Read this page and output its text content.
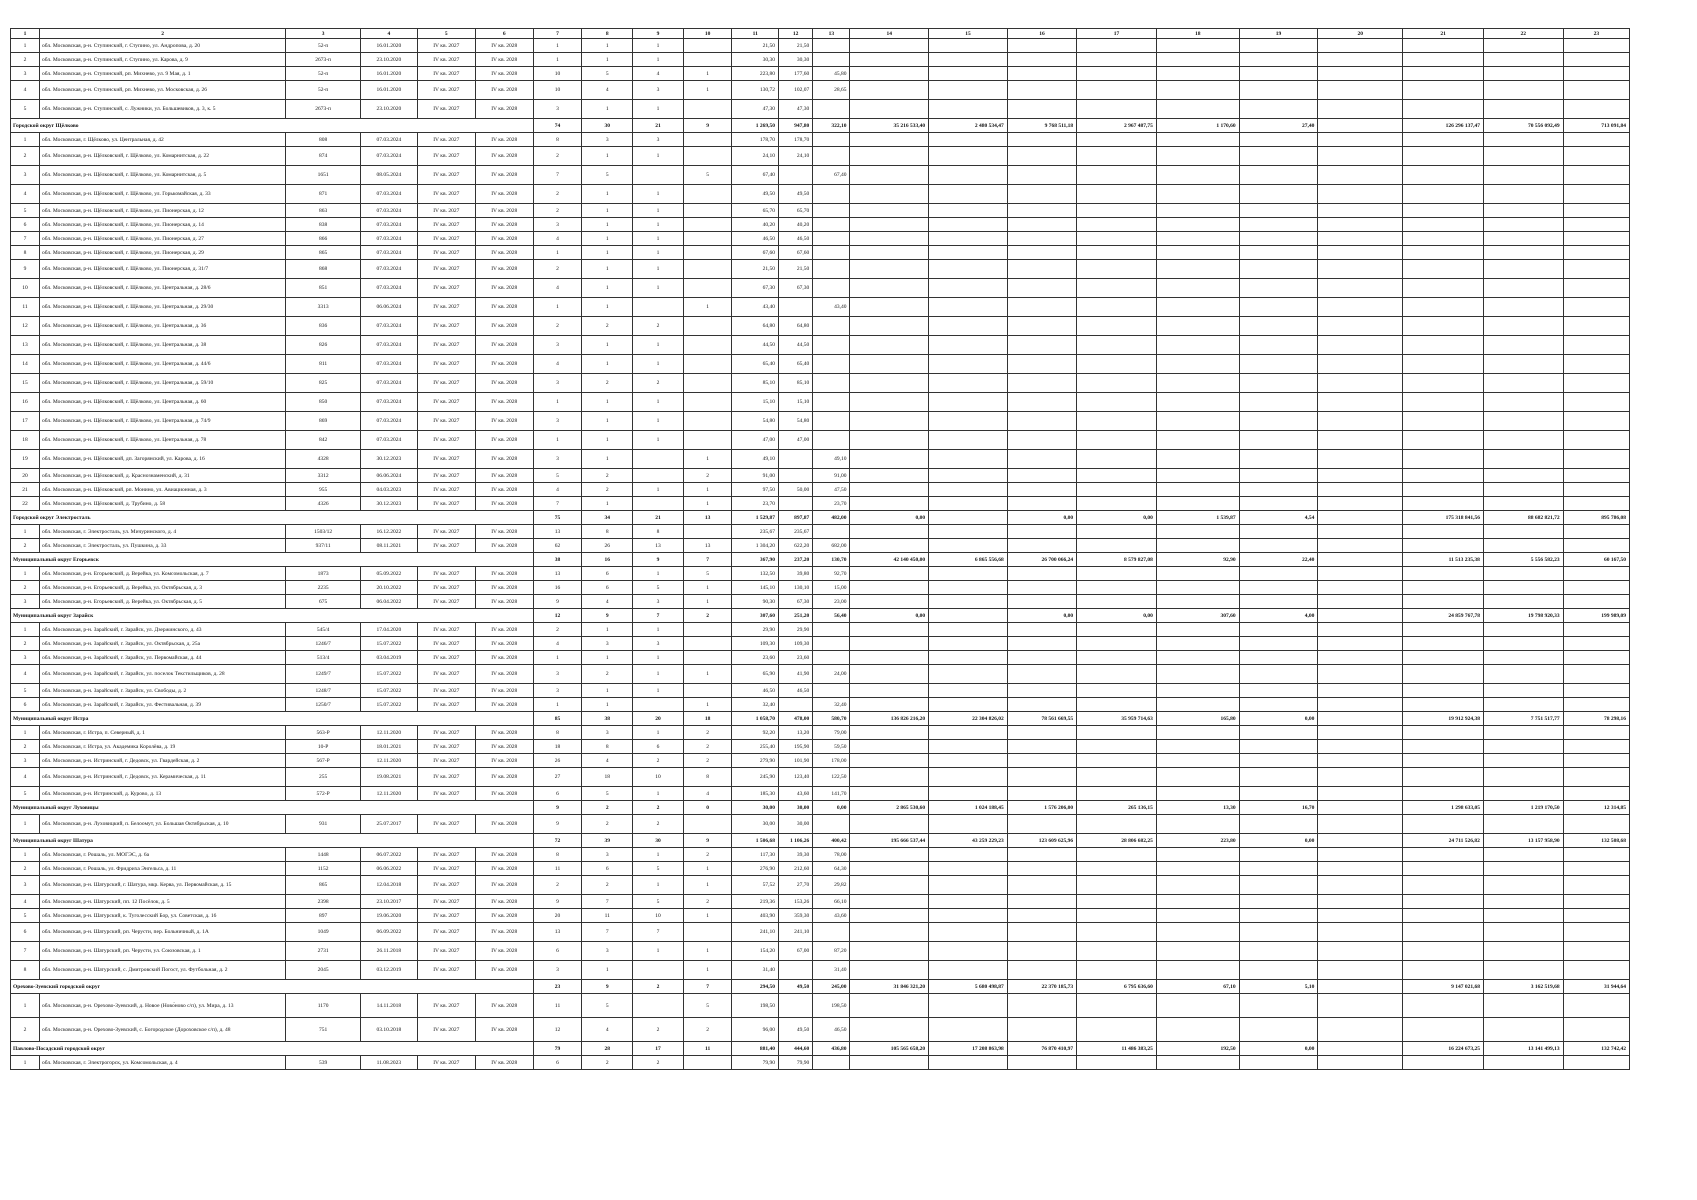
1	2	3	4	5	6	7	8	9	10	11	12	13	14	15	16	17	18	19	20	21	22	23
1	обл. Московская, р-н. Ступинский, г. Ступино, ул. Андропова, д. 20	52-п	16.01.2020	IV кв. 2027	IV кв. 2028	1	1	1		21,50	21,50											
2	обл. Московская, р-н. Ступинский, г. Ступино, ул. Карова, д. 9	2673-п	23.10.2020	IV кв. 2027	IV кв. 2028	1	1	1		30,30	30,30											
3	обл. Московская, р-н. Ступинский, рп. Михнево, ул. 9 Мая, д. 1	52-п	16.01.2020	IV кв. 2027	IV кв. 2028	10	5	4	1	223,80	177,60	45,80										
4	обл. Московская, р-н. Ступинский, рп. Михнево, ул. Московская, д. 26	52-п	16.01.2020	IV кв. 2027	IV кв. 2028	10	4	3	1	130,72	102,07	28,65										
5	обл. Московская, р-н. Ступинский, с. Лужники, ул. Большевиков, д. 3, к. 5	2673-п	23.10.2020	IV кв. 2027	IV кв. 2028	3	1	1		47,30	47,30											
Городской округ Щёлково						74	30	21	9	1 269,50	947,80	322,10	35 216 533,40	2 480 534,47	9 768 511,18	2 967 487,75	1 170,60	27,40		126 296 137,47	70 556 092,49	713 091,84
1	обл. Московская, г. Щёлково, ул. Центральная, д. 42	808	07.03.2024	IV кв. 2027	IV кв. 2028	8	3	3		178,70	178,70											
2	обл. Московская, р-н. Щёлковский, г. Щёлково, ул. Комарнитская, д. 22	874	07.03.2024	IV кв. 2027	IV кв. 2028	2	1	1		24,10	24,10											
3	обл. Московская, р-н. Щёлковский, г. Щёлково, ул. Комарнитская, д. 5	1651	08.05.2024	IV кв. 2027	IV кв. 2028	7	5		5	67,40		67,40										
4	обл. Московская, р-н. Щёлковский, г. Щёлково, ул. Горькомайская, д. 33	871	07.03.2024	IV кв. 2027	IV кв. 2028	2	1	1		49,50	49,50											
5	обл. Московская, р-н. Щёлковский, г. Щёлково, ул. Пионерская, д. 12	863	07.03.2024	IV кв. 2027	IV кв. 2028	2	1	1		65,70	65,70											
6	обл. Московская, р-н. Щёлковский, г. Щёлково, ул. Пионерская, д. 14	838	07.03.2024	IV кв. 2027	IV кв. 2028	3	1	1		40,20	40,20											
7	обл. Московская, р-н. Щёлковский, г. Щёлково, ул. Пионерская, д. 27	866	07.03.2024	IV кв. 2027	IV кв. 2028	4	1	1		46,50	46,50											
8	обл. Московская, р-н. Щёлковский, г. Щёлково, ул. Пионерская, д. 29	865	07.03.2024	IV кв. 2027	IV кв. 2028	1	1	1		67,60	67,60											
9	обл. Московская, р-н. Щёлковский, г. Щёлково, ул. Пионерская, д. 31/7	868	07.03.2024	IV кв. 2027	IV кв. 2028	2	1	1		21,50	21,50											
10	обл. Московская, р-н. Щёлковский, г. Щёлково, ул. Центральная, д. 28/6	851	07.03.2024	IV кв. 2027	IV кв. 2028	4	1	1		67,30	67,30											
11	обл. Московская, р-н. Щёлковский, г. Щёлково, ул. Центральная, д. 29/30	3313	06.06.2024	IV кв. 2027	IV кв. 2028	1	1		1	43,40		43,40										
12	обл. Московская, р-н. Щёлковский, г. Щёлково, ул. Центральная, д. 36	836	07.03.2024	IV кв. 2027	IV кв. 2028	2	2	2		64,80	64,80											
13	обл. Московская, р-н. Щёлковский, г. Щёлково, ул. Центральная, д. 38	826	07.03.2024	IV кв. 2027	IV кв. 2028	3	1	1		44,50	44,50											
14	обл. Московская, р-н. Щёлковский, г. Щёлково, ул. Центральная, д. 44/6	811	07.03.2024	IV кв. 2027	IV кв. 2028	4	1	1		65,40	65,40											
15	обл. Московская, р-н. Щёлковский, г. Щёлково, ул. Центральная, д. 59/10	825	07.03.2024	IV кв. 2027	IV кв. 2028	3	2	2		85,10	85,10											
16	обл. Московская, р-н. Щёлковский, г. Щёлково, ул. Центральная, д. 60	850	07.03.2024	IV кв. 2027	IV кв. 2028	1	1	1		15,10	15,10											
17	обл. Московская, р-н. Щёлковский, г. Щёлково, ул. Центральная, д. 74/9	869	07.03.2024	IV кв. 2027	IV кв. 2028	3	1	1		54,80	54,80											
18	обл. Московская, р-н. Щёлковский, г. Щёлково, ул. Центральная, д. 78	842	07.03.2024	IV кв. 2027	IV кв. 2028	1	1	1		47,00	47,00											
19	обл. Московская, р-н. Щёлковский, дп. Загорянский, ул. Карова, д. 16	4328	30.12.2023	IV кв. 2027	IV кв. 2028	3	1		1	49,10		49,10										
20	обл. Московская, р-н. Щёлковский, д. Краснознаменский, д. 31	3312	06.06.2024	IV кв. 2027	IV кв. 2028	5	2		2	91,00		91,00										
21	обл. Московская, р-н. Щёлковский, рп. Монино, ул. Авиационная, д. 3	955	04.03.2023	IV кв. 2027	IV кв. 2028	4	2	1	1	97,50	50,00	47,50										
22	обл. Московская, р-н. Щёлковский, д. Трубино, д. 58	4326	30.12.2023	IV кв. 2027	IV кв. 2028	7	1		1	23,70		23,70										
Городской округ Электросталь						75	34	21	13	1 529,87	897,87	482,00	0,00		0,00	0,00	1 539,87	4,54		175 318 841,56	88 682 821,72	895 786,08
1	обл. Московская, г. Электросталь, ул. Мичуринского, д. 4	1503/12	16.12.2022	IV кв. 2027	IV кв. 2028	13	8	8		235,67	235,67											
2	обл. Московская, г. Электросталь, ул. Пушкина, д. 33	937/11	08.11.2021	IV кв. 2027	IV кв. 2028	62	26	13	13	1 304,20	622,20	682,00										
Муниципальный округ Егорьевск						38	16	9	7	367,90	237,20	130,70	42 140 450,00	6 865 556,68	26 700 066,24	8 579 827,08	92,90	22,40		11 513 235,38	5 556 582,23	60 167,50
1	обл. Московская, р-н. Егорьевский, д. Верейка, ул. Комсомольская, д. 7	1873	05.09.2022	IV кв. 2027	IV кв. 2028	13	6	1	5	132,50	39,80	92,70										
2	обл. Московская, р-н. Егорьевский, д. Верейка, ул. Октябрьская, д. 3	2235	20.10.2022	IV кв. 2027	IV кв. 2028	16	6	5	1	145,10	130,10	15,00										
3	обл. Московская, р-н. Егорьевский, д. Верейка, ул. Октябрьская, д. 5	675	06.04.2022	IV кв. 2027	IV кв. 2028	9	4	3	1	90,30	67,30	23,00										
Муниципальный округ Зарайск						12	9	7	2	307,60	251,20	56,40	0,00		0,00	0,00	307,60	4,00		24 859 767,78	19 798 920,33	199 989,09
1	обл. Московская, р-н. Зарайский, г. Зарайск, ул. Дзержинского, д. 43	545/4	17.04.2020	IV кв. 2027	IV кв. 2028	2	1	1		29,90	29,90											
2	обл. Московская, р-н. Зарайский, г. Зарайск, ул. Октябрьская, д. 25а	1246/7	15.07.2022	IV кв. 2027	IV кв. 2028	4	3	3		109,30	109,30											
3	обл. Московская, р-н. Зарайский, г. Зарайск, ул. Первомайская, д. 44	513/4	03.04.2019	IV кв. 2027	IV кв. 2028	1	1	1		23,60	23,60											
4	обл. Московская, р-н. Зарайский, г. Зарайск, ул. поселок Текстильщиков, д. 28	1249/7	15.07.2022	IV кв. 2027	IV кв. 2028	3	2	1	1	65,90	41,90	24,00										
5	обл. Московская, р-н. Зарайский, г. Зарайск, ул. Свободы, д. 2	1248/7	15.07.2022	IV кв. 2027	IV кв. 2028	3	1	1		46,50	46,50											
6	обл. Московская, р-н. Зарайский, г. Зарайск, ул. Фестивальная, д. 39	1250/7	15.07.2022	IV кв. 2027	IV кв. 2028	1	1		1	32,40		32,40										
Муниципальный округ Истра						85	38	20	18	1 058,70	478,00	580,70	136 826 216,20	22 304 826,02	78 561 669,55	35 959 714,63	165,80	0,00		19 912 924,38	7 751 517,77	78 298,16
1	обл. Московская, г. Истра, п. Северный, д. 1	563-Р	12.11.2020	IV кв. 2027	IV кв. 2028	8	3	1	2	92,20	13,20	79,00										
2	обл. Московская, г. Истра, ул. Академика Королёва, д. 19	10-Р	18.01.2021	IV кв. 2027	IV кв. 2028	18	8	6	2	255,40	195,90	59,50										
3	обл. Московская, р-н. Истринский, г. Дедовск, ул. Гвардейская, д. 2	567-Р	12.11.2020	IV кв. 2027	IV кв. 2028	26	4	2	2	279,90	101,90	178,00										
4	обл. Московская, р-н. Истринский, г. Дедовск, ул. Керамическая, д. 11	255	19.08.2021	IV кв. 2027	IV кв. 2028	27	18	10	8	245,90	123,40	122,50										
5	обл. Московская, р-н. Истринский, д. Курово, д. 13	572-Р	12.11.2020	IV кв. 2027	IV кв. 2028	6	5	1	4	185,30	43,60	141,70										
Муниципальный округ Луховицы						9	2	2	0	30,00	30,00	0,00	2 865 530,60	1 024 188,45	1 576 206,00	265 136,15	13,30	16,70		1 298 633,05	1 219 170,50	12 314,85
1	обл. Московская, р-н. Луховицкий, п. Белоомут, ул. Большая Октябрьская, д. 10	931	25.07.2017	IV кв. 2027	IV кв. 2028	9	2	2		30,00	30,00											
Муниципальный округ Шатура						72	39	30	9	1 506,68	1 106,26	400,42	195 666 537,44	43 259 229,23	123 609 625,96	28 806 682,25	223,80	0,00		24 711 526,82	13 157 958,90	132 508,68
1	обл. Московская, г. Рошаль, ул. МОГЭС, д. 6а	1448	06.07.2022	IV кв. 2027	IV кв. 2028	8	3	1	2	117,30	39,30	78,00										
2	обл. Московская, г. Рошаль, ул. Фридриха Энгельса, д. 11	1152	06.06.2022	IV кв. 2027	IV кв. 2028	11	6	5	1	276,90	212,60	64,30										
3	обл. Московская, р-н. Шатурский, г. Шатура, мкр. Керва, ул. Первомайская, д. 15	865	12.04.2018	IV кв. 2027	IV кв. 2028	2	2	1	1	57,52	27,70	29,82										
4	обл. Московская, р-н. Шатурский, пп. 12 Посёлок, д. 5	2398	23.10.2017	IV кв. 2027	IV кв. 2028	9	7	5	2	219,36	153,26	66,10										
5	обл. Московская, р-н. Шатурский, к. Туголесский Бор, ул. Советская, д. 16	897	19.06.2020	IV кв. 2027	IV кв. 2028	20	11	10	1	403,90	359,30	43,60										
6	обл. Московская, р-н. Шатурский, рп. Черусти, пер. Больничный, д. 1А	1049	06.09.2022	IV кв. 2027	IV кв. 2028	13	7	7		241,10	241,10											
7	обл. Московская, р-н. Шатурский, рп. Черусти, ул. Союзовская, д. 1	2731	26.11.2018	IV кв. 2027	IV кв. 2028	6	3	1	1	154,20	67,00	87,20										
8	обл. Московская, р-н. Шатурский, с. Дмитровский Погост, ул. Футбольная, д. 2	2045	03.12.2019	IV кв. 2027	IV кв. 2028	3	1		1	31,40		31,40										
Орехово-Зуевский городской округ						23	9	2	7	294,50	49,50	245,00	31 846 321,20	5 680 498,87	22 370 185,73	6 795 636,60	67,10	5,10		9 147 021,68	3 162 519,68	31 944,64
1	обл. Московская, р-н. Орехово-Зуевский, д. Новое (Ново́ново с/п), ул. Мира, д. 13	1170	14.11.2018	IV кв. 2027	IV кв. 2028	11	5		5	198,50		198,50										
2	обл. Московская, р-н. Орехово-Зуевский, с. Богородское (Дороховское с/п), д. 48	751	03.10.2018	IV кв. 2027	IV кв. 2028	12	4	2	2	96,00	49,50	46,50										
Павлово-Посадский городской округ						79	28	17	11	881,40	444,60	436,80	105 565 658,20	17 208 863,98	76 870 410,97	11 486 383,25	192,50	0,00		16 224 673,25	13 141 499,13	132 742,42
1	обл. Московская, г. Электрогорск, ул. Комсомольская, д. 4	539	11.08.2023	IV кв. 2027	IV кв. 2028	6	2	2		79,90	79,90											
